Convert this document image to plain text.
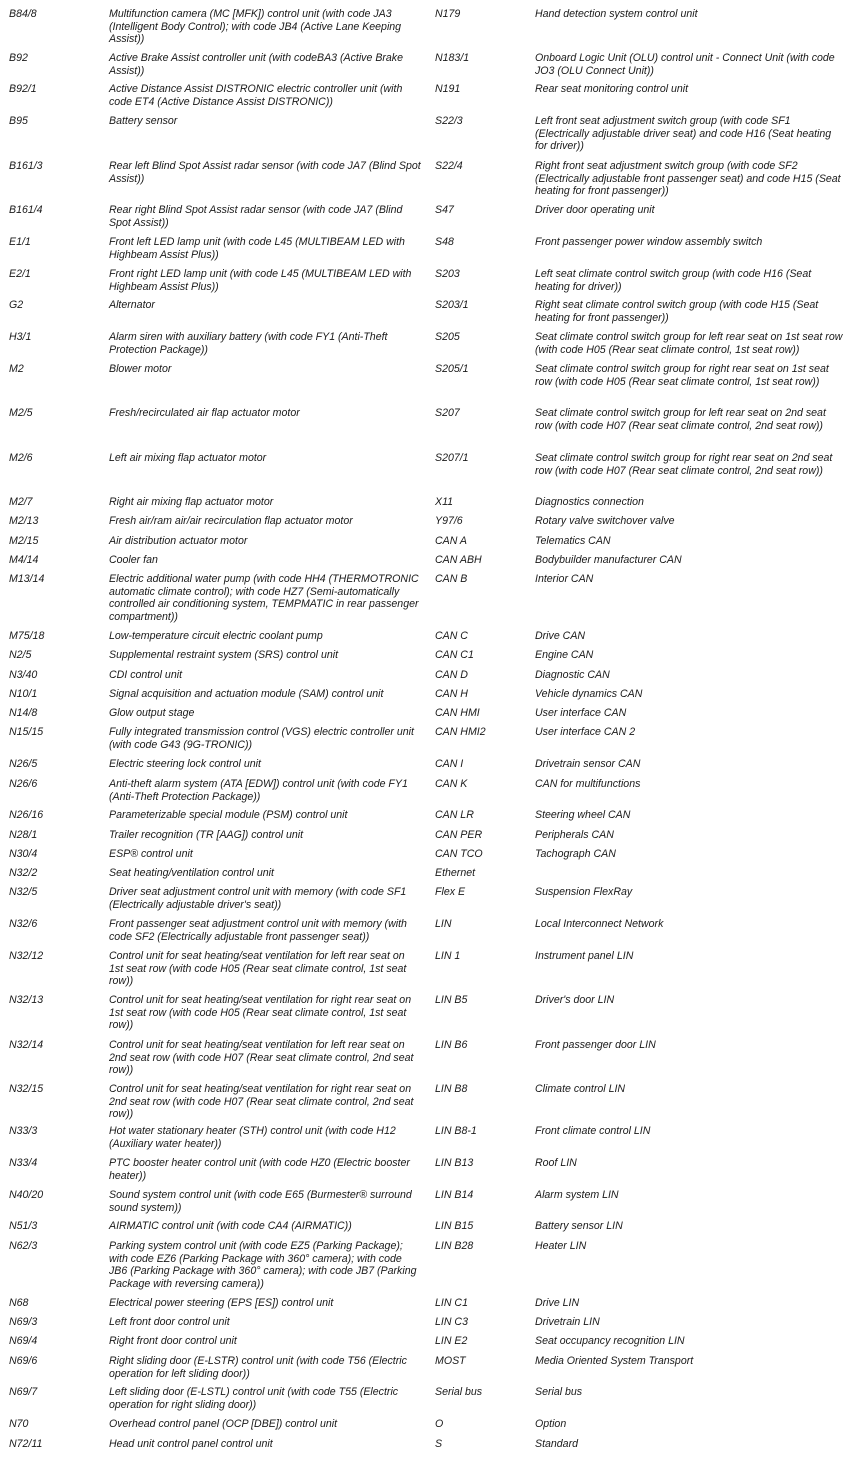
B84/8	Multifunction camera (MC [MFK]) control unit (with code JA3 (Intelligent Body Control); with code JB4 (Active Lane Keeping Assist))
B92	Active Brake Assist controller unit (with codeBA3 (Active Brake Assist))
B92/1	Active Distance Assist DISTRONIC electric controller unit (with code ET4 (Active Distance Assist DISTRONIC))
B95	Battery sensor
B161/3	Rear left Blind Spot Assist radar sensor (with code JA7 (Blind Spot Assist))
B161/4	Rear right Blind Spot Assist radar sensor (with code JA7 (Blind Spot Assist))
E1/1	Front left LED lamp unit (with code L45 (MULTIBEAM LED with Highbeam Assist Plus))
E2/1	Front right LED lamp unit (with code L45 (MULTIBEAM LED with Highbeam Assist Plus))
G2	Alternator
H3/1	Alarm siren with auxiliary battery (with code FY1 (Anti-Theft Protection Package))
M2	Blower motor
M2/5	Fresh/recirculated air flap actuator motor
M2/6	Left air mixing flap actuator motor
M2/7	Right air mixing flap actuator motor
M2/13	Fresh air/ram air/air recirculation flap actuator motor
M2/15	Air distribution actuator motor
M4/14	Cooler fan
M13/14	Electric additional water pump (with code HH4 (THERMOTRONIC automatic climate control); with code HZ7 (Semi-automatically controlled air conditioning system, TEMPMATIC in rear passenger compartment))
M75/18	Low-temperature circuit electric coolant pump
N2/5	Supplemental restraint system (SRS) control unit
N3/40	CDI control unit
N10/1	Signal acquisition and actuation module (SAM) control unit
N14/8	Glow output stage
N15/15	Fully integrated transmission control (VGS) electric controller unit (with code G43 (9G-TRONIC))
N26/5	Electric steering lock control unit
N26/6	Anti-theft alarm system (ATA [EDW]) control unit (with code FY1 (Anti-Theft Protection Package))
N26/16	Parameterizable special module (PSM) control unit
N28/1	Trailer recognition (TR [AAG]) control unit
N30/4	ESP® control unit
N32/2	Seat heating/ventilation control unit
N32/5	Driver seat adjustment control unit with memory (with code SF1 (Electrically adjustable driver's seat))
N32/6	Front passenger seat adjustment control unit with memory (with code SF2 (Electrically adjustable front passenger seat))
N32/12	Control unit for seat heating/seat ventilation for left rear seat on 1st seat row (with code H05 (Rear seat climate control, 1st seat row))
N32/13	Control unit for seat heating/seat ventilation for right rear seat on 1st seat row (with code H05 (Rear seat climate control, 1st seat row))
N32/14	Control unit for seat heating/seat ventilation for left rear seat on 2nd seat row (with code H07 (Rear seat climate control, 2nd seat row))
N32/15	Control unit for seat heating/seat ventilation for right rear seat on 2nd seat row (with code H07 (Rear seat climate control, 2nd seat row))
N33/3	Hot water stationary heater (STH) control unit (with code H12 (Auxiliary water heater))
N33/4	PTC booster heater control unit (with code HZ0 (Electric booster heater))
N40/20	Sound system control unit (with code E65 (Burmester® surround sound system))
N51/3	AIRMATIC control unit (with code CA4 (AIRMATIC))
N62/3	Parking system control unit (with code EZ5 (Parking Package); with code EZ6 (Parking Package with 360° camera); with code JB6 (Parking Package with 360° camera); with code JB7 (Parking Package with reversing camera))
N68	Electrical power steering (EPS [ES]) control unit
N69/3	Left front door control unit
N69/4	Right front door control unit
N69/6	Right sliding door (E-LSTR) control unit (with code T56 (Electric operation for left sliding door))
N69/7	Left sliding door (E-LSTL) control unit (with code T55 (Electric operation for right sliding door))
N70	Overhead control panel (OCP [DBE]) control unit
N72/11	Head unit control panel control unit
N179	Hand detection system control unit
N183/1	Onboard Logic Unit (OLU) control unit - Connect Unit (with code JO3 (OLU Connect Unit))
N191	Rear seat monitoring control unit
S22/3	Left front seat adjustment switch group (with code SF1 (Electrically adjustable driver seat) and code H16 (Seat heating for driver))
S22/4	Right front seat adjustment switch group (with code SF2 (Electrically adjustable front passenger seat) and code H15 (Seat heating for front passenger))
S47	Driver door operating unit
S48	Front passenger power window assembly switch
S203	Left seat climate control switch group (with code H16 (Seat heating for driver))
S203/1	Right seat climate control switch group (with code H15 (Seat heating for front passenger))
S205	Seat climate control switch group for left rear seat on 1st seat row (with code H05 (Rear seat climate control, 1st seat row))
S205/1	Seat climate control switch group for right rear seat on 1st seat row (with code H05 (Rear seat climate control, 1st seat row))
S207	Seat climate control switch group for left rear seat on 2nd seat row (with code H07 (Rear seat climate control, 2nd seat row))
S207/1	Seat climate control switch group for right rear seat on 2nd seat row (with code H07 (Rear seat climate control, 2nd seat row))
X11	Diagnostics connection
Y97/6	Rotary valve switchover valve
CAN A	Telematics CAN
CAN ABH	Bodybuilder manufacturer CAN
CAN B	Interior CAN
CAN C	Drive CAN
CAN C1	Engine CAN
CAN D	Diagnostic CAN
CAN H	Vehicle dynamics CAN
CAN HMI	User interface CAN
CAN HMI2	User interface CAN 2
CAN I	Drivetrain sensor CAN
CAN K	CAN for multifunctions
CAN LR	Steering wheel CAN
CAN PER	Peripherals CAN
CAN TCO	Tachograph CAN
Ethernet
Flex E	Suspension FlexRay
LIN	Local Interconnect Network
LIN 1	Instrument panel LIN
LIN B5	Driver's door LIN
LIN B6	Front passenger door LIN
LIN B8	Climate control LIN
LIN B8-1	Front climate control LIN
LIN B13	Roof LIN
LIN B14	Alarm system LIN
LIN B15	Battery sensor LIN
LIN B28	Heater LIN
LIN C1	Drive LIN
LIN C3	Drivetrain LIN
LIN E2	Seat occupancy recognition LIN
MOST	Media Oriented System Transport
Serial bus	Serial bus
O	Option
S	Standard
